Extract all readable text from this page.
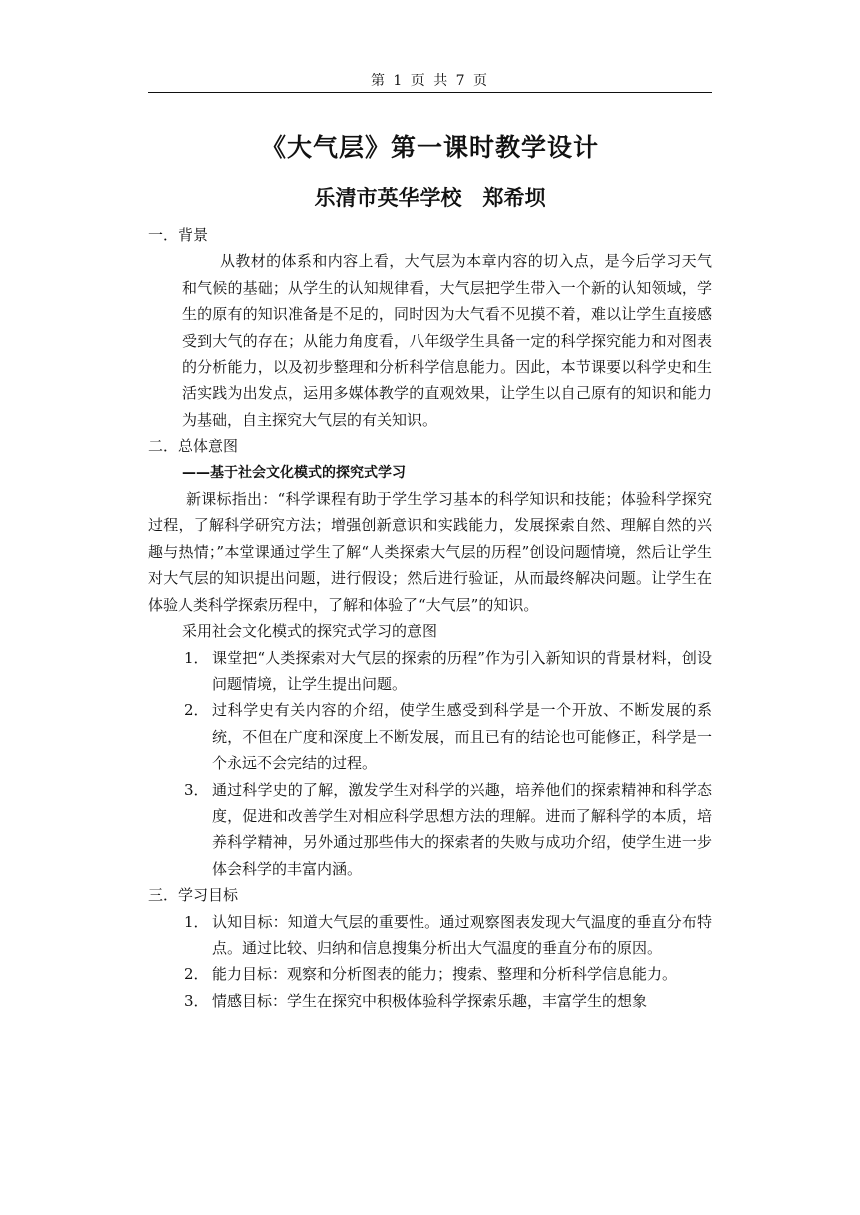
第 1 页 共 7 页
《大气层》第一课时教学设计
乐清市英华学校　郑希坝

一．背景

从教材的体系和内容上看，大气层为本章内容的切入点，是今后学习天气和气候的基础；从学生的认知规律看，大气层把学生带入一个新的认知领域，学生的原有的知识准备是不足的，同时因为大气看不见摸不着，难以让学生直接感受到大气的存在；从能力角度看，八年级学生具备一定的科学探究能力和对图表的分析能力，以及初步整理和分析科学信息能力。因此，本节课要以科学史和生活实践为出发点，运用多媒体教学的直观效果，让学生以自己原有的知识和能力为基础，自主探究大气层的有关知识。

二．总体意图

——基于社会文化模式的探究式学习

新课标指出：“科学课程有助于学生学习基本的科学知识和技能；体验科学探究过程，了解科学研究方法；增强创新意识和实践能力，发展探索自然、理解自然的兴趣与热情；”本堂课通过学生了解“人类探索大气层的历程”创设问题情境，然后让学生对大气层的知识提出问题，进行假设；然后进行验证，从而最终解决问题。让学生在体验人类科学探索历程中，了解和体验了“大气层”的知识。

采用社会文化模式的探究式学习的意图

1． 课堂把“人类探索对大气层的探索的历程”作为引入新知识的背景材料，创设问题情境，让学生提出问题。
2． 过科学史有关内容的介绍，使学生感受到科学是一个开放、不断发展的系统，不但在广度和深度上不断发展，而且已有的结论也可能修正，科学是一个永远不会完结的过程。
3． 通过科学史的了解，激发学生对科学的兴趣，培养他们的探索精神和科学态度，促进和改善学生对相应科学思想方法的理解。进而了解科学的本质，培养科学精神，另外通过那些伟大的探索者的失败与成功介绍，使学生进一步体会科学的丰富内涵。

三．学习目标

1． 认知目标：知道大气层的重要性。通过观察图表发现大气温度的垂直分布特点。通过比较、归纳和信息搜集分析出大气温度的垂直分布的原因。
2． 能力目标：观察和分析图表的能力；搜索、整理和分析科学信息能力。
3． 情感目标：学生在探究中积极体验科学探索乐趣，丰富学生的想象
